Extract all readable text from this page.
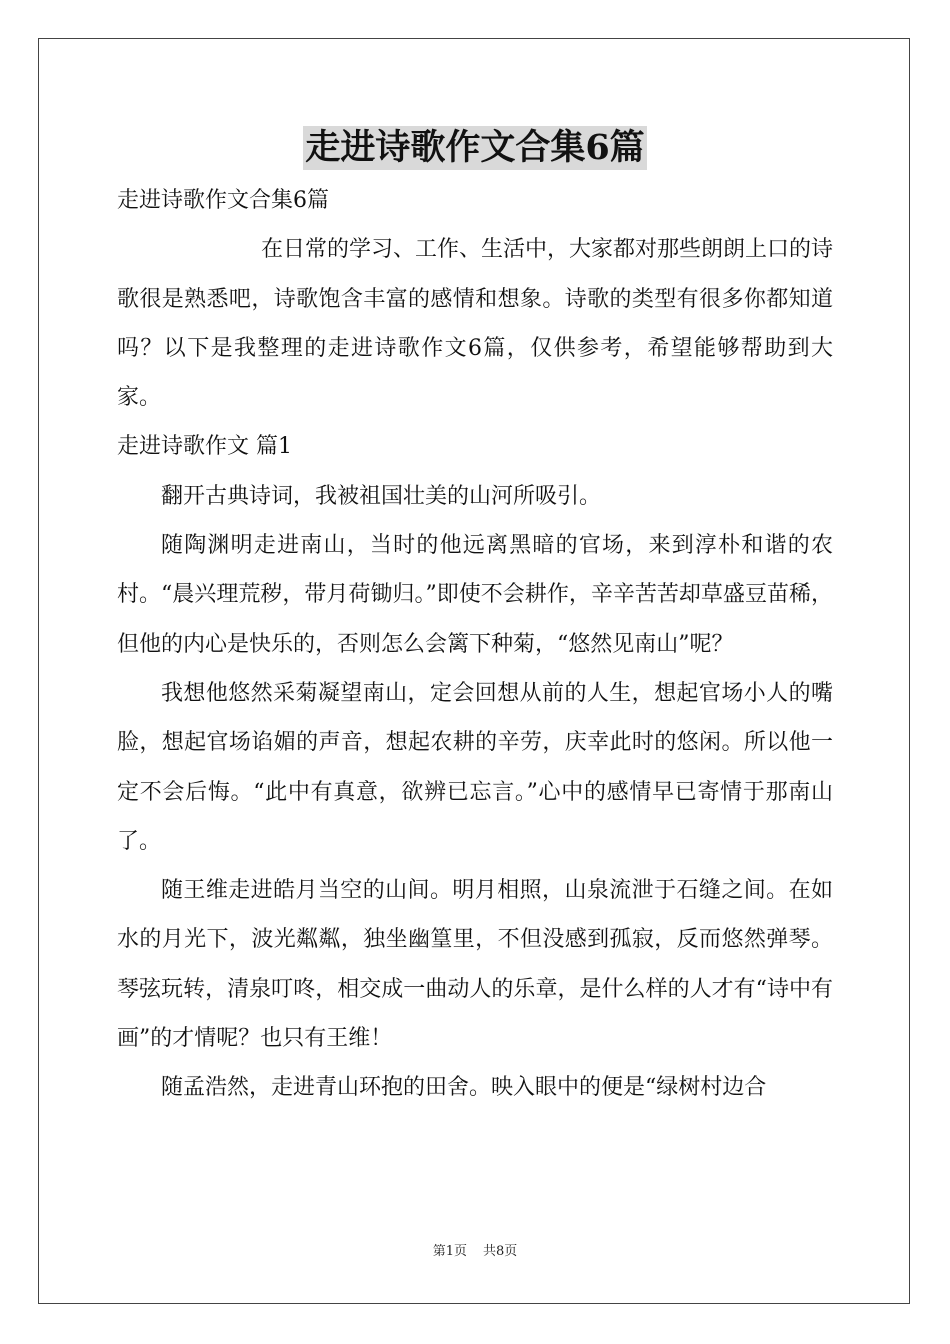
走进诗歌作文合集6篇

走进诗歌作文合集6篇

在日常的学习、工作、生活中，大家都对那些朗朗上口的诗歌很是熟悉吧，诗歌饱含丰富的感情和想象。诗歌的类型有很多你都知道吗？以下是我整理的走进诗歌作文6篇，仅供参考，希望能够帮助到大家。

走进诗歌作文 篇1

翻开古典诗词，我被祖国壮美的山河所吸引。

随陶渊明走进南山，当时的他远离黑暗的官场，来到淳朴和谐的农村。“晨兴理荒秽，带月荷锄归。”即使不会耕作，辛辛苦苦却草盛豆苗稀，但他的内心是快乐的，否则怎么会篱下种菊，“悠然见南山”呢？

我想他悠然采菊凝望南山，定会回想从前的人生，想起官场小人的嘴脸，想起官场谄媚的声音，想起农耕的辛劳，庆幸此时的悠闲。所以他一定不会后悔。“此中有真意，欲辨已忘言。”心中的感情早已寄情于那南山了。

随王维走进皓月当空的山间。明月相照，山泉流泄于石缝之间。在如水的月光下，波光粼粼，独坐幽篁里，不但没感到孤寂，反而悠然弹琴。琴弦玩转，清泉叮咚，相交成一曲动人的乐章，是什么样的人才有“诗中有画”的才情呢？也只有王维！

随孟浩然，走进青山环抱的田舍。映入眼中的便是“绿树村边合

第1页 共8页
